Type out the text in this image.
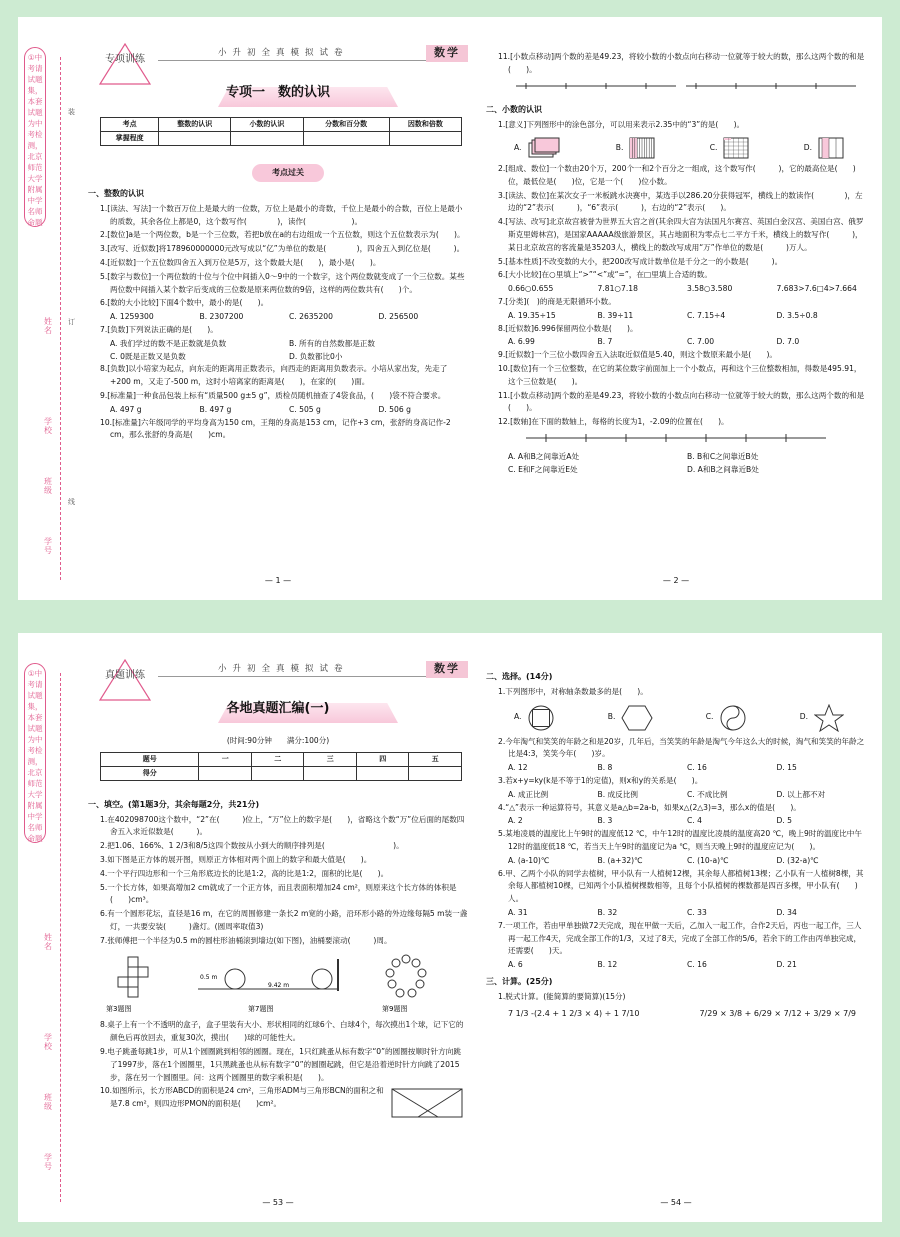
①中考请试题集，本套试题为中考检测，北京师范大学附属中学名师命题
姓名
学校
班级
学号
装
订
线
专项训练
小升初全真模拟试卷	数学
专项一　数的认识
考点	整数的认识	小数的认识	分数和百分数	因数和倍数
掌握程度				
考点过关
一、整数的认识
1.[读法、写法]一个数百万位上是最大的一位数，万位上是最小的奇数，千位上是最小的合数，百位上是最小的质数，其余各位上都是0，这个数写作(　　　　)，读作(　　　　　　)。
2.[数位]a是一个两位数，b是一个三位数，若把b放在a的右边组成一个五位数，则这个五位数表示为(　　)。
3.[改写、近似数]将178960000000元改写成以“亿”为单位的数是(　　　　)，四舍五入到亿位是(　　　)。
4.[近似数]一个五位数四舍五入到万位是5万，这个数最大是(　　)，最小是(　　)。
5.[数字与数位]一个两位数的十位与个位中间插入0～9中的一个数字，这个两位数就变成了一个三位数。某些两位数中间插入某个数字后变成的三位数是原来两位数的9倍，这样的两位数共有(　　)个。
6.[数的大小比较]下面4个数中，最小的是(　　)。
A. 1259300	B. 2307200	C. 2635200	D. 256500
7.[负数]下列说法正确的是(　　)。
A. 我们学过的数不是正数就是负数	B. 所有的自然数都是正数
C. 0既是正数又是负数	D. 负数都比0小
8.[负数]以小培家为起点，向东走的距离用正数表示，向西走的距离用负数表示。小培从家出发，先走了+200 m，又走了-500 m，这时小培离家的距离是(　　)，在家的(　　)面。
9.[标准量]一种食品包装上标有“质量500 g±5 g”，质检员随机抽查了4袋食品，(　　)袋不符合要求。
A. 497 g	B. 497 g	C. 505 g	D. 506 g
10.[标准量]六年级同学的平均身高为150 cm，王翔的身高是153 cm，记作+3 cm，张舒的身高记作-2 cm，那么张舒的身高是(　　)cm。
— 1 —
11.[小数点移动]两个数的差是49.23，将较小数的小数点向右移动一位就等于较大的数，那么这两个数的和是(　　)。
二、小数的认识
1.[意义]下列图形中的涂色部分，可以用来表示2.35中的“3”的是(　　)。
A.	B.	C.	D.
2.[组成、数位]一个数由20个万，200个一和2个百分之一组成，这个数写作(　　　)，它的最高位是(　　)位，最低位是(　　)位，它是一个(　　)位小数。
3.[读法、数位]在某次女子一米板跳水决赛中，某选手以286.20分获得冠军，横线上的数读作(　　　　)，左边的“2”表示(　　　)，“6”表示(　　　)，右边的“2”表示(　　)。
4.[写法、改写]北京故宫被誉为世界五大宫之首(其余四大宫为法国凡尔赛宫、英国白金汉宫、美国白宫、俄罗斯克里姆林宫)，是国家AAAAA级旅游景区，其占地面积为零点七二平方千米，横线上的数写作(　　　)，某日北京故宫的客流量是35203人，横线上的数改写成用“万”作单位的数是(　　　)万人。
5.[基本性质]不改变数的大小，把200改写成计数单位是千分之一的小数是(　　　)。
6.[大小比较]在○里填上“>”“<”或“=”，在□里填上合适的数。
0.66○0.655	7.81○7.18	3.58○3.580	7.683>7.6□4>7.664
7.[分类](　)的商是无限循环小数。
A. 19.35÷15	B. 39÷11	C. 7.15÷4	D. 3.5÷0.8
8.[近似数]6.996保留两位小数是(　　)。
A. 6.99	B. 7	C. 7.00	D. 7.0
9.[近似数]一个三位小数四舍五入法取近似值是5.40，则这个数原来最小是(　　)。
10.[数位]有一个三位整数，在它的某位数字前面加上一个小数点，再和这个三位整数相加，得数是495.91，这个三位数是(　　)。
11.[小数点移动]两个数的差是49.23，将较小数的小数点向右移动一位就等于较大的数，那么这两个数的和是(　　)。
12.[数轴]在下面的数轴上，每格的长度为1，-2.09的位置在(　　)。
A. A和B之间靠近A处	B. B和C之间靠近B处
C. E和F之间靠近E处	D. A和B之间靠近B处
— 2 —
①中考请试题集，本套试题为中考检测，北京师范大学附属中学名师命题
姓名
学校
班级
学号
真题训练
小升初全真模拟试卷	数学
各地真题汇编(一)
(时间:90分钟　　满分:100分)
题号	一	二	三	四	五
得分					
一、填空。(第1题3分，其余每题2分，共21分)
1.在402098700这个数中，“2”在(　　　)位上，“万”位上的数字是(　　)，省略这个数“万”位后面的尾数四舍五入求近似数是(　　　)。
2.把1.06、166%、1 2/3和8/5这四个数按从小到大的顺序排列是(　　　　　　　　　)。
3.如下图是正方体的展开图，则原正方体相对两个面上的数字和最大值是(　　)。
4.一个平行四边形和一个三角形底边长的比是1:2，高的比是1:2，面积的比是(　　)。
5.一个长方体，如果高增加2 cm就成了一个正方体，而且表面积增加24 cm²，则原来这个长方体的体积是(　　)cm³。
6.有一个圆形花坛，直径是16 m，在它的周围修建一条长2 m宽的小路，沿环形小路的外边缘每隔5 m装一盏灯，一共要安装(　　　)盏灯。(圆周率取值3)
7.张师傅把一个半径为0.5 m的圆柱形油桶滚到墙边(如下图)，油桶要滚动(　　　)周。
第3题图	第7题图	第9题图
9.42 m
0.5 m
8.桌子上有一个不透明的盒子，盒子里装有大小、形状相同的红球6个、白球4个，每次摸出1个球，记下它的颜色后再放回去，重复30次，摸出(　　)球的可能性大。
9.电子跳蚤每跳1步，可从1个圆圈跳到相邻的圆圈。现在，1只红跳蚤从标有数字“0”的圆圈按顺时针方向跳了1997步，落在1个圆圈里，1只黑跳蚤也从标有数字“0”的圆圈起跳，但它是沿着逆时针方向跳了2015步，落在另一个圆圈里。问：这两个圆圈里的数字乘积是(　　)。
10.如图所示，长方形ABCD的面积是24 cm²，三角形ADM与三角形BCN的面积之和是7.8 cm²，则四边形PMON的面积是(　　)cm²。
— 53 —
二、选择。(14分)
1.下列图形中，对称轴条数最多的是(　　)。
A.	B.	C.	D.
2.今年淘气和笑笑的年龄之和是20岁，几年后，当笑笑的年龄是淘气今年这么大的时候，淘气和笑笑的年龄之比是4:3，笑笑今年(　　)岁。
A. 12	B. 8	C. 16	D. 15
3.若x+y=ky(k是不等于1的定值)，则x和y的关系是(　　)。
A. 成正比例	B. 成反比例	C. 不成比例	D. 以上都不对
4.“△”表示一种运算符号，其意义是a△b=2a-b，如果x△(2△3)=3，那么x的值是(　　)。
A. 2	B. 3	C. 4	D. 5
5.某地凌晨的温度比上午9时的温度低12 ℃，中午12时的温度比凌晨的温度高20 ℃，晚上9时的温度比中午12时的温度低18 ℃，若当天上午9时的温度记为a ℃，则当天晚上9时的温度应记为(　　)。
A. (a-10)℃	B. (a+32)℃	C. (10-a)℃	D. (32-a)℃
6.甲、乙两个小队的同学去植树，甲小队有一人植树12棵，其余每人都植树13棵；乙小队有一人植树8棵，其余每人都植树10棵，已知两个小队植树棵数相等，且每个小队植树的棵数都是四百多棵，甲小队有(　　)人。
A. 31	B. 32	C. 33	D. 34
7.一项工作，若由甲单独做72天完成，现在甲做一天后，乙加入一起工作，合作2天后，丙也一起工作，三人再一起工作4天，完成全部工作的1/3，又过了8天，完成了全部工作的5/6，若余下的工作由丙单独完成，还需要(　　)天。
A. 6	B. 12	C. 16	D. 21
三、计算。(25分)
1.脱式计算。(能简算的要简算)(15分)
7 1/3 -(2.4 + 1 2/3 × 4) ÷ 1 7/10	7/29 × 3/8 + 6/29 × 7/12 + 3/29 × 7/9
— 54 —
